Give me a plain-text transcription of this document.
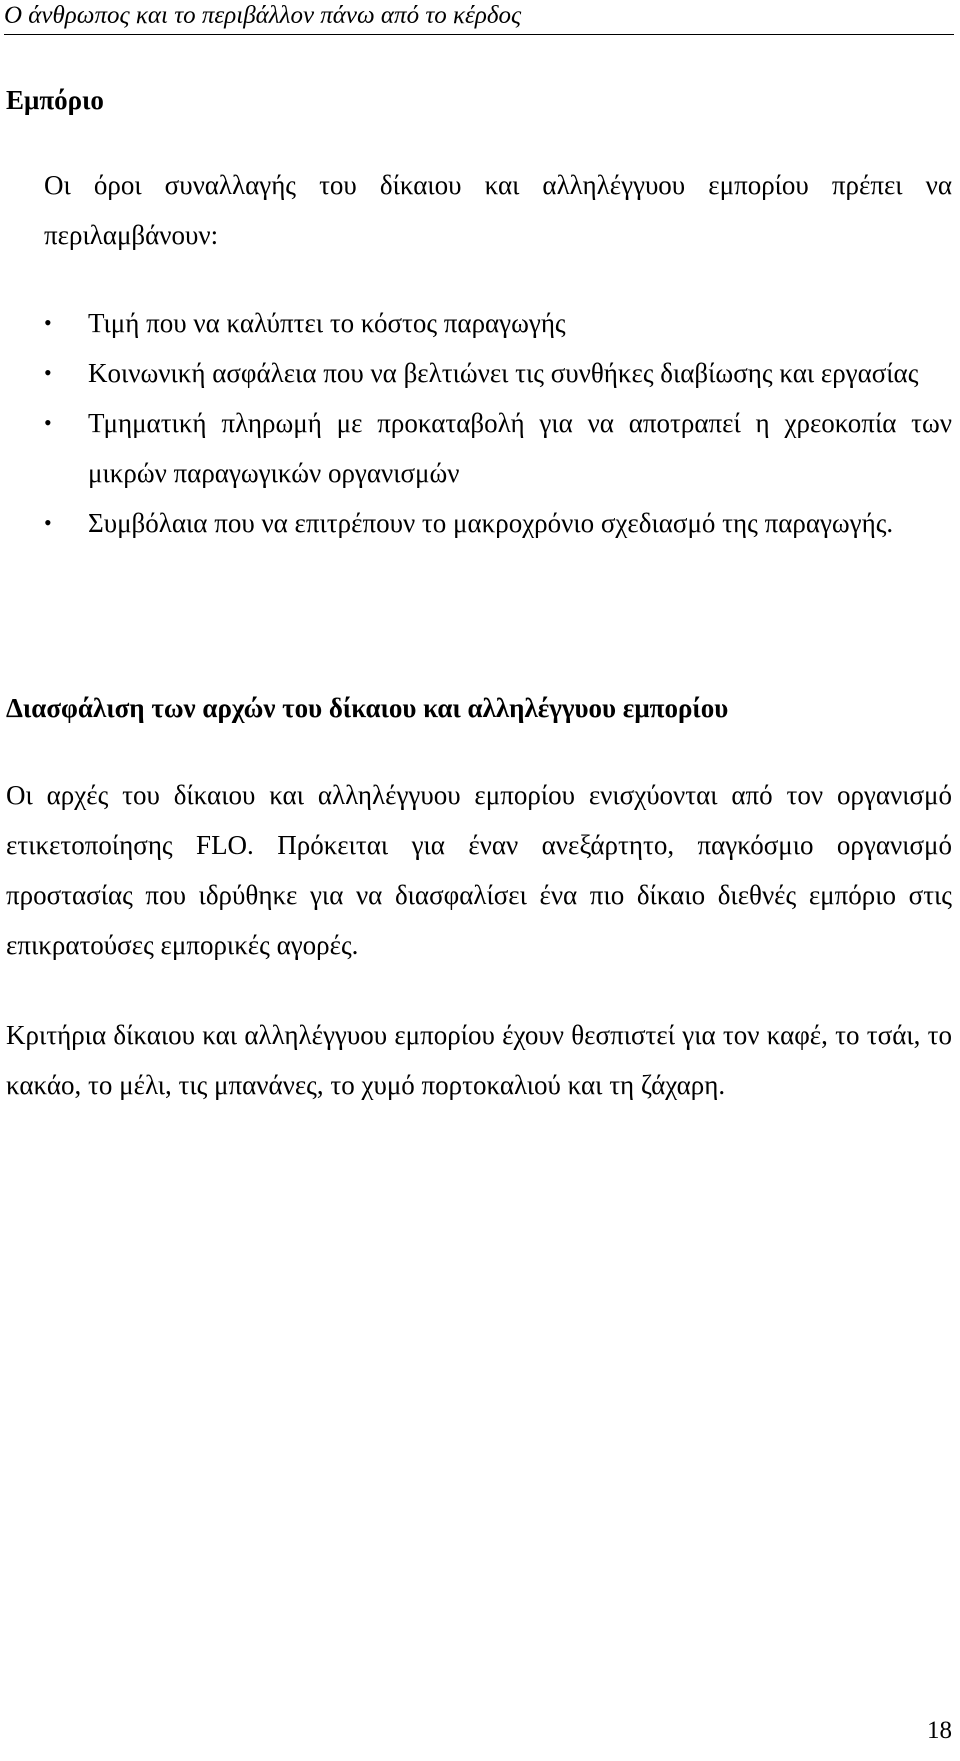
Ο άνθρωπος και το περιβάλλον πάνω από το κέρδος
Εμπόριο

Οι όροι συναλλαγής του δίκαιου και αλληλέγγυου εμπορίου πρέπει να περιλαμβάνουν:

• Τιμή που να καλύπτει το κόστος παραγωγής
• Κοινωνική ασφάλεια που να βελτιώνει τις συνθήκες διαβίωσης και εργασίας
• Τμηματική πληρωμή με προκαταβολή για να αποτραπεί η χρεοκοπία των μικρών παραγωγικών οργανισμών
• Συμβόλαια που να επιτρέπουν το μακροχρόνιο σχεδιασμό της παραγωγής.
Διασφάλιση των αρχών του δίκαιου και αλληλέγγυου εμπορίου

Οι αρχές του δίκαιου και αλληλέγγυου εμπορίου ενισχύονται από τον οργανισμό ετικετοποίησης FLO. Πρόκειται για έναν ανεξάρτητο, παγκόσμιο οργανισμό προστασίας που ιδρύθηκε για να διασφαλίσει ένα πιο δίκαιο διεθνές εμπόριο στις επικρατούσες εμπορικές αγορές.

Κριτήρια δίκαιου και αλληλέγγυου εμπορίου έχουν θεσπιστεί για τον καφέ, το τσάι, το κακάο, το μέλι, τις μπανάνες, το χυμό πορτοκαλιού και τη ζάχαρη.

18
